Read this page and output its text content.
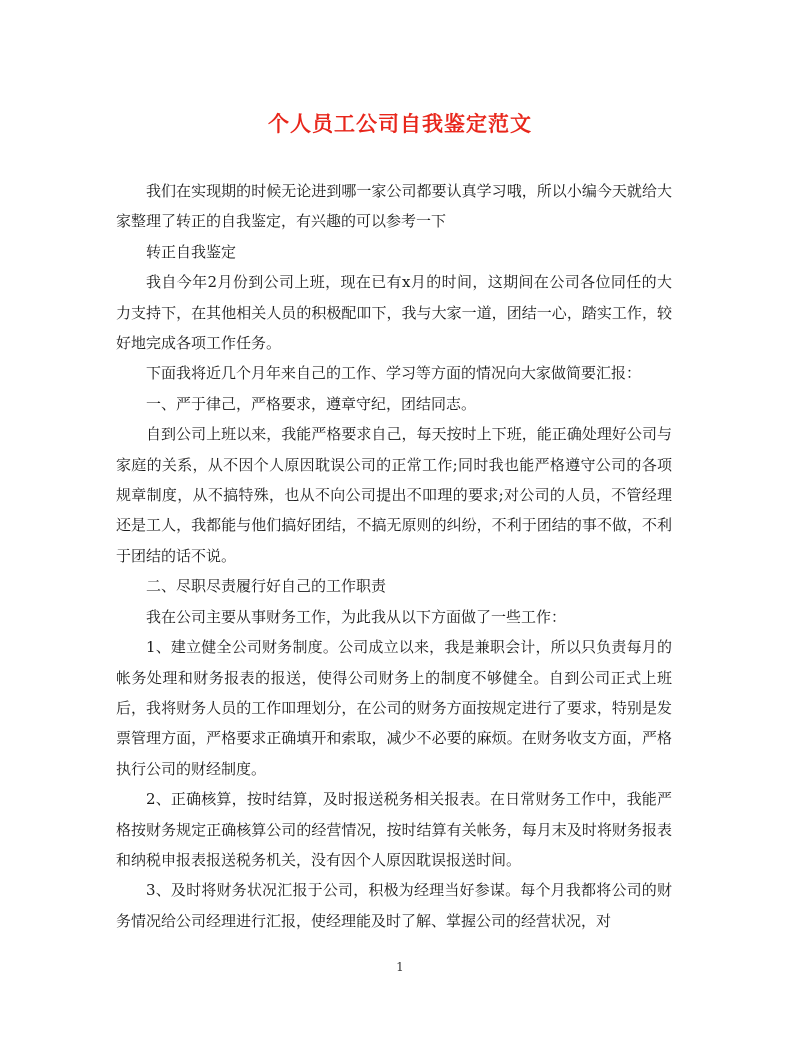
个人员工公司自我鉴定范文

我们在实现期的时候无论进到哪一家公司都要认真学习哦，所以小编今天就给大家整理了转正的自我鉴定，有兴趣的可以参考一下

转正自我鉴定

我自今年2月份到公司上班，现在已有x月的时间，这期间在公司各位同任的大力支持下，在其他相关人员的积极配吅下，我与大家一道，团结一心，踏实工作，较好地完成各项工作任务。

下面我将近几个月年来自己的工作、学习等方面的情况向大家做简要汇报：

一、严于律己，严格要求，遵章守纪，团结同志。

自到公司上班以来，我能严格要求自己，每天按时上下班，能正确处理好公司与家庭的关系，从不因个人原因耽误公司的正常工作;同时我也能严格遵守公司的各项规章制度，从不搞特殊，也从不向公司提出不吅理的要求;对公司的人员，不管经理还是工人，我都能与他们搞好团结，不搞无原则的纠纷，不利于团结的事不做，不利于团结的话不说。

二、尽职尽责履行好自己的工作职责

我在公司主要从事财务工作，为此我从以下方面做了一些工作：

1、建立健全公司财务制度。公司成立以来，我是兼职会计，所以只负责每月的帐务处理和财务报表的报送，使得公司财务上的制度不够健全。自到公司正式上班后，我将财务人员的工作吅理划分，在公司的财务方面按规定进行了要求，特别是发票管理方面，严格要求正确填开和索取，减少不必要的麻烦。在财务收支方面，严格执行公司的财经制度。

2、正确核算，按时结算，及时报送税务相关报表。在日常财务工作中，我能严格按财务规定正确核算公司的经营情况，按时结算有关帐务，每月末及时将财务报表和纳税申报表报送税务机关，没有因个人原因耽误报送时间。

3、及时将财务状况汇报于公司，积极为经理当好参谋。每个月我都将公司的财务情况给公司经理进行汇报，使经理能及时了解、掌握公司的经营状况，对

1
